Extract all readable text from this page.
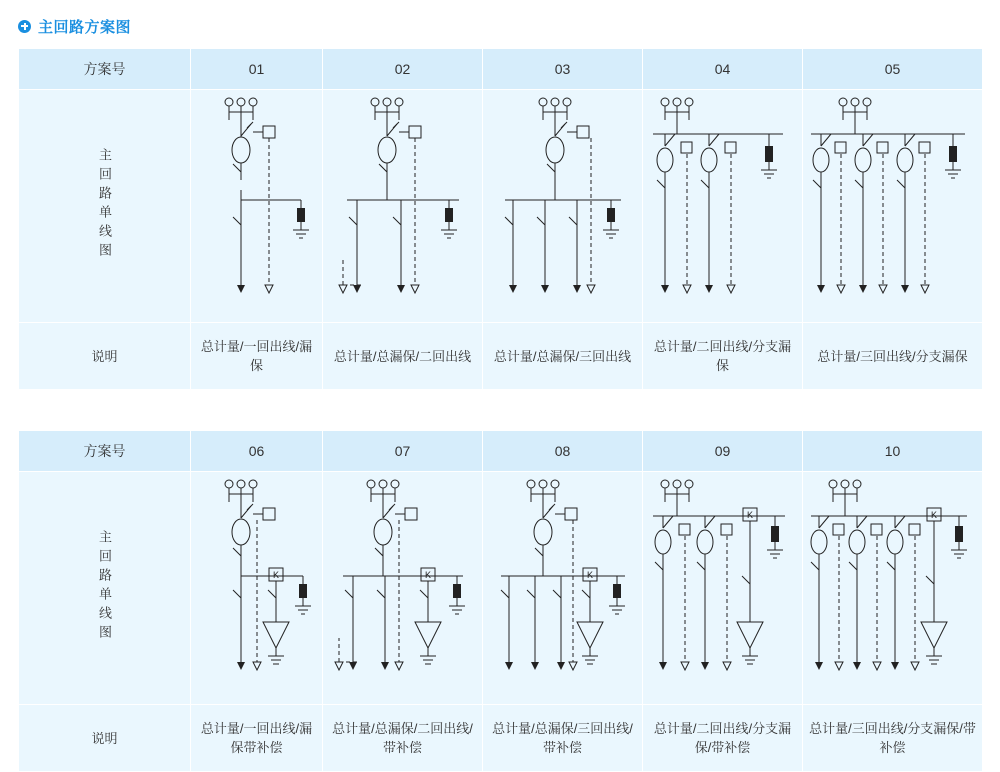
主回路方案图
方案号	01	02	03	04	05
主回路单线图	

说明	总计量/一回出线/漏保	总计量/总漏保/二回出线	总计量/总漏保/三回出线	总计量/二回出线/分支漏保	总计量/三回出线/分支漏保
方案号	06	07	08	09	10
主回路单线图	K	K	K	K	K

说明	总计量/一回出线/漏保带补偿	总计量/总漏保/二回出线/带补偿	总计量/总漏保/三回出线/带补偿	总计量/二回出线/分支漏保/带补偿	总计量/三回出线/分支漏保/带补偿
